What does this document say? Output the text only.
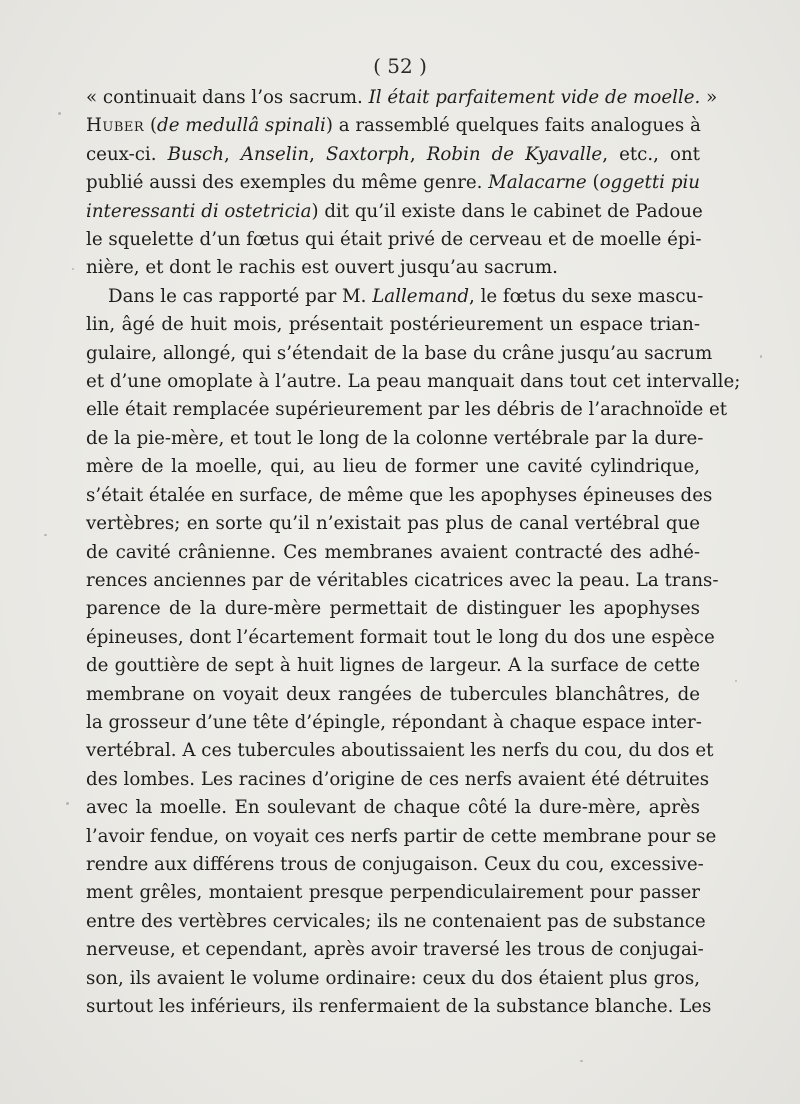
( 52 )
« continuait dans l’os sacrum. Il était parfaitement vide de moelle. »
Huber (de medullâ spinali) a rassemblé quelques faits analogues à
ceux-ci. Busch, Anselin, Saxtorph, Robin de Kyavalle, etc., ont
publié aussi des exemples du même genre. Malacarne (oggetti piu
interessanti di ostetricia) dit qu’il existe dans le cabinet de Padoue
le squelette d’un fœtus qui était privé de cerveau et de moelle épi-
nière, et dont le rachis est ouvert jusqu’au sacrum.
Dans le cas rapporté par M. Lallemand, le fœtus du sexe mascu-
lin, âgé de huit mois, présentait postérieurement un espace trian-
gulaire, allongé, qui s’étendait de la base du crâne jusqu’au sacrum
et d’une omoplate à l’autre. La peau manquait dans tout cet intervalle;
elle était remplacée supérieurement par les débris de l’arachnoïde et
de la pie-mère, et tout le long de la colonne vertébrale par la dure-
mère de la moelle, qui, au lieu de former une cavité cylindrique,
s’était étalée en surface, de même que les apophyses épineuses des
vertèbres; en sorte qu’il n’existait pas plus de canal vertébral que
de cavité crânienne. Ces membranes avaient contracté des adhé-
rences anciennes par de véritables cicatrices avec la peau. La trans-
parence de la dure-mère permettait de distinguer les apophyses
épineuses, dont l’écartement formait tout le long du dos une espèce
de gouttière de sept à huit lignes de largeur. A la surface de cette
membrane on voyait deux rangées de tubercules blanchâtres, de
la grosseur d’une tête d’épingle, répondant à chaque espace inter-
vertébral. A ces tubercules aboutissaient les nerfs du cou, du dos et
des lombes. Les racines d’origine de ces nerfs avaient été détruites
avec la moelle. En soulevant de chaque côté la dure-mère, après
l’avoir fendue, on voyait ces nerfs partir de cette membrane pour se
rendre aux différens trous de conjugaison. Ceux du cou, excessive-
ment grêles, montaient presque perpendiculairement pour passer
entre des vertèbres cervicales; ils ne contenaient pas de substance
nerveuse, et cependant, après avoir traversé les trous de conjugai-
son, ils avaient le volume ordinaire: ceux du dos étaient plus gros,
surtout les inférieurs, ils renfermaient de la substance blanche. Les
